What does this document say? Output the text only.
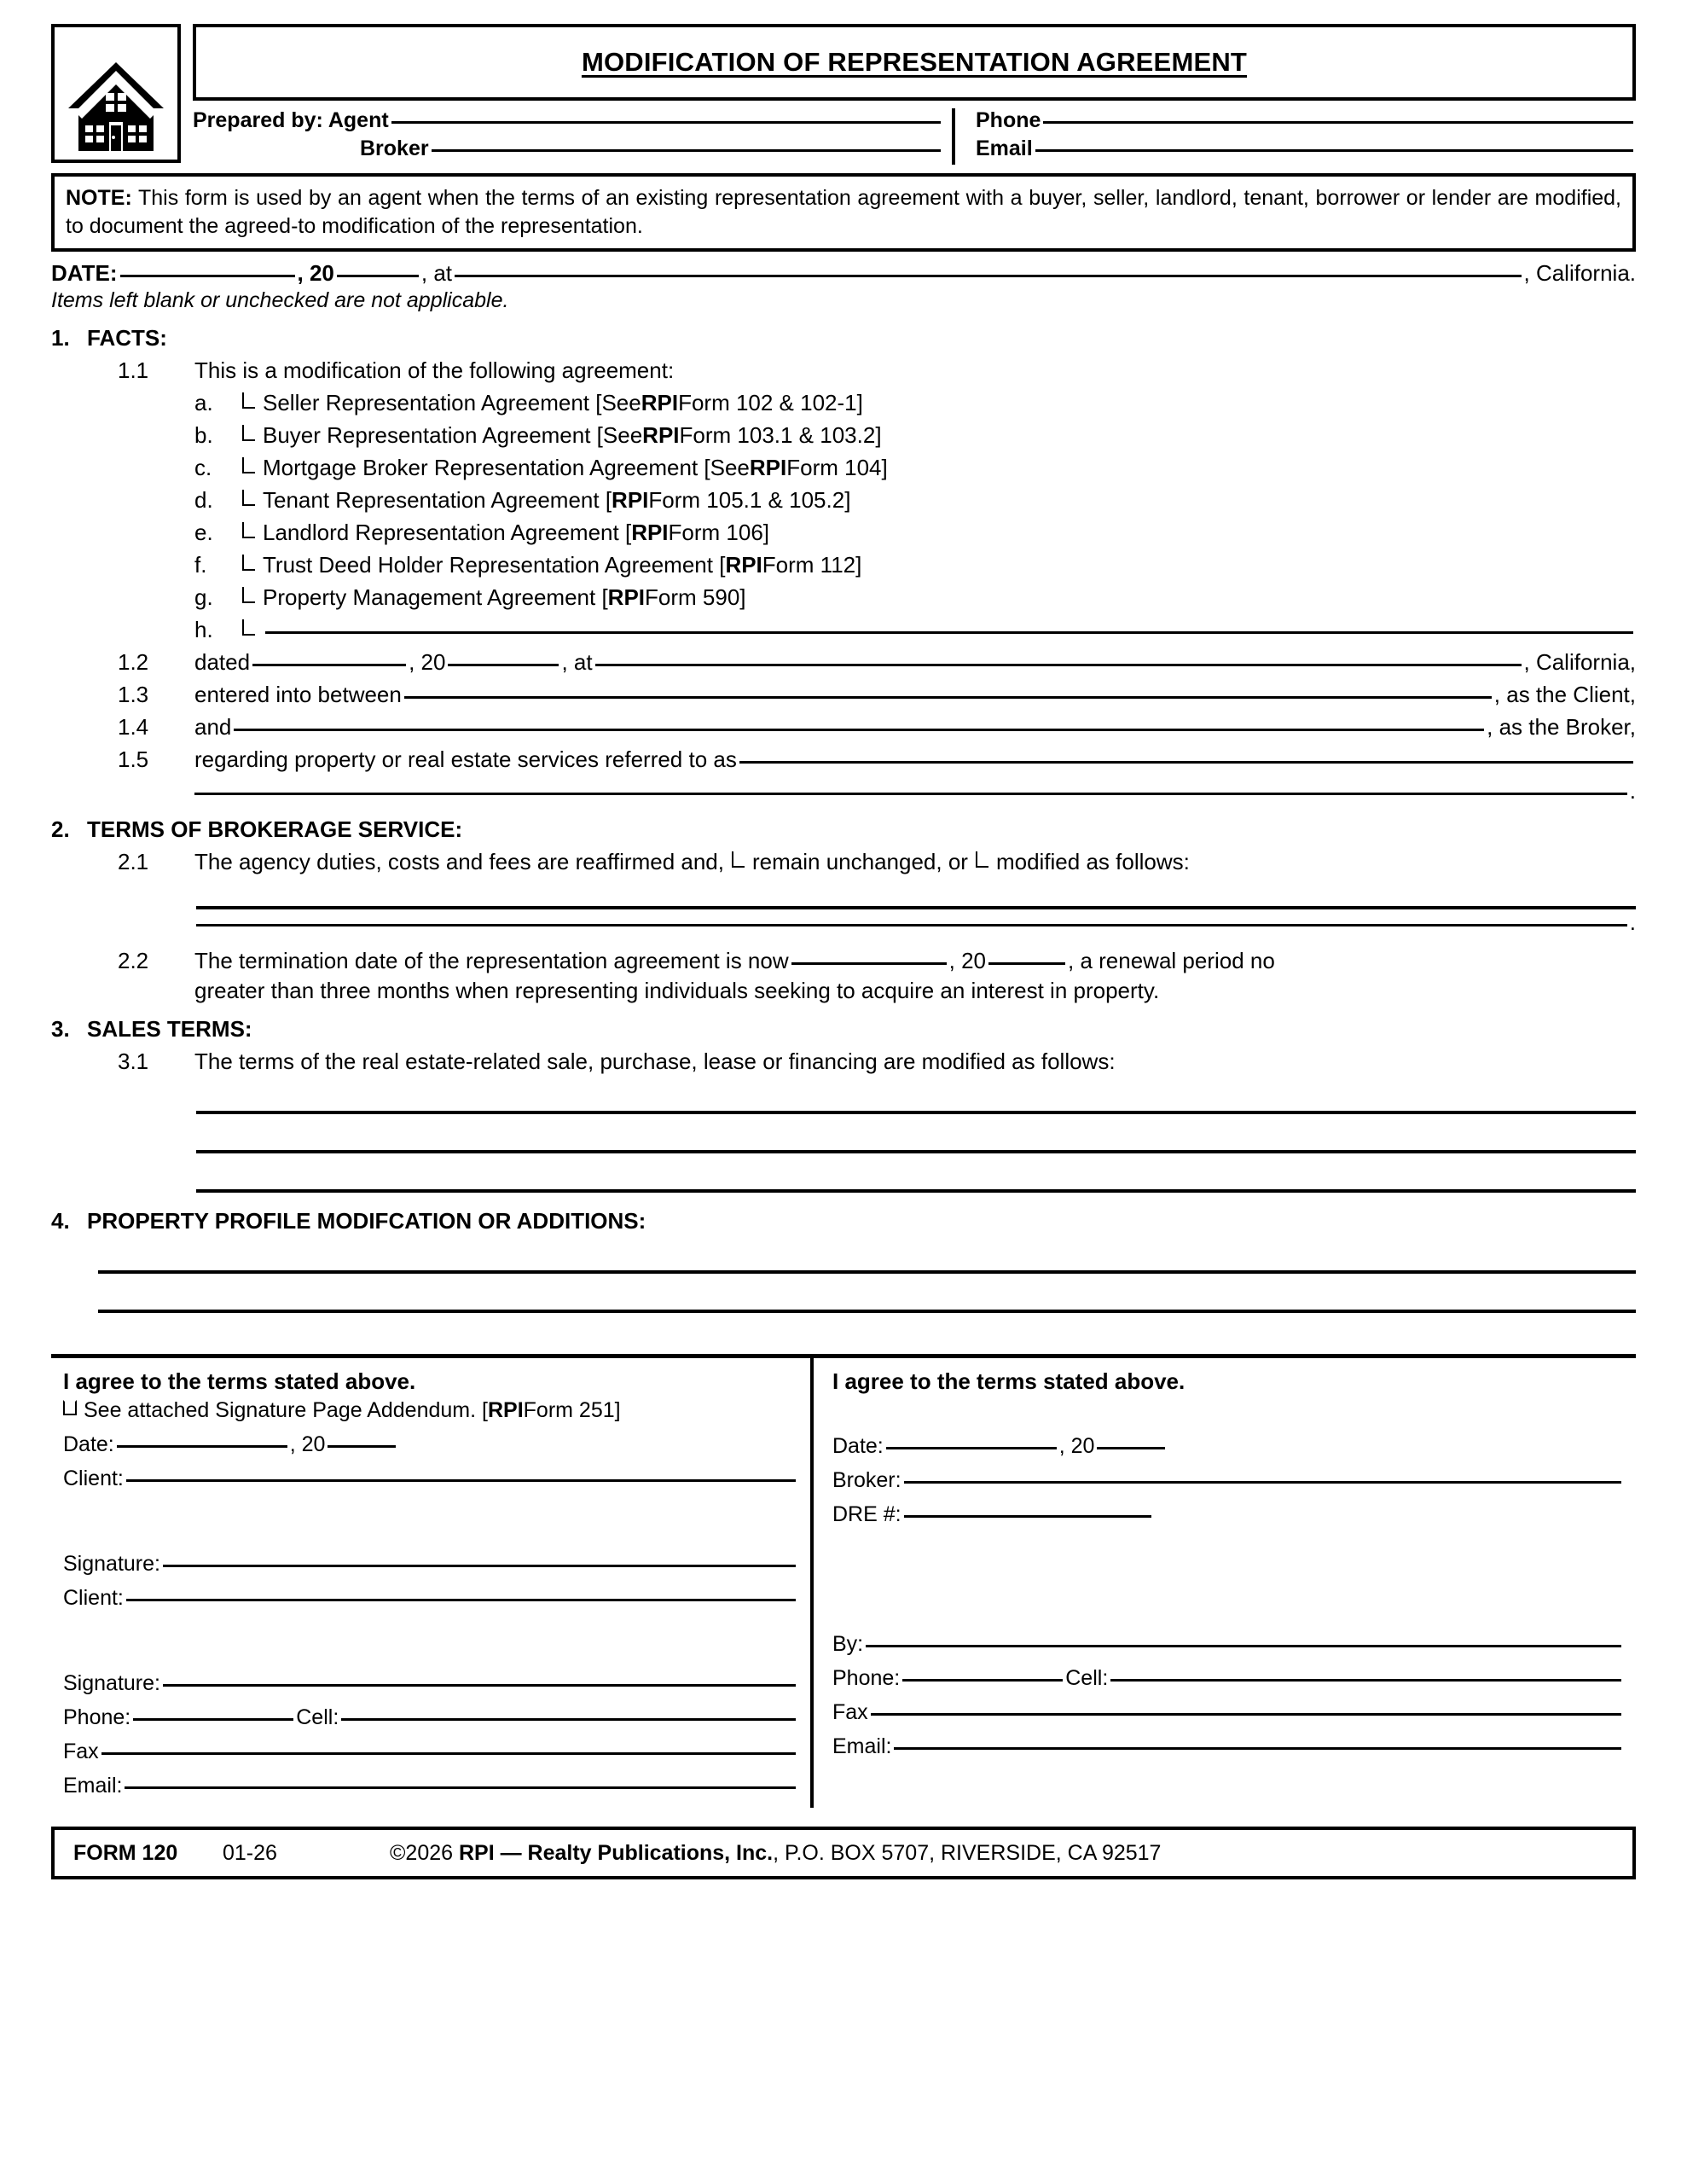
MODIFICATION OF REPRESENTATION AGREEMENT
Prepared by: Agent
Broker
Phone
Email
NOTE: This form is used by an agent when the terms of an existing representation agreement with a buyer, seller, landlord, tenant, borrower or lender are modified, to document the agreed-to modification of the representation.
DATE:	, 20	, at	, California.
Items left blank or unchecked are not applicable.
1. FACTS:
1.1	This is a modification of the following agreement:
a.	Seller Representation Agreement [See RPI Form 102 & 102-1]
b.	Buyer Representation Agreement [See RPI Form 103.1 & 103.2]
c.	Mortgage Broker Representation Agreement [See RPI Form 104]
d.	Tenant Representation Agreement [ RPI Form 105.1 & 105.2]
e.	Landlord Representation Agreement [ RPI Form 106]
f.	Trust Deed Holder Representation Agreement [ RPI Form 112]
g.	Property Management Agreement [ RPI Form 590]
h.
1.2	dated	, 20	, at	, California,
1.3	entered into between	, as the Client,
1.4	and	, as the Broker,
1.5	regarding property or real estate services referred to as
.
2. TERMS OF BROKERAGE SERVICE:
2.1	The agency duties, costs and fees are reaffirmed and, remain unchanged, or modified as follows:
.
2.2	The termination date of the representation agreement is now	, 20	, a renewal period no
greater than three months when representing individuals seeking to acquire an interest in property.
3. SALES TERMS:
3.1	The terms of the real estate-related sale, purchase, lease or financing are modified as follows:
4. PROPERTY PROFILE MODIFCATION OR ADDITIONS:
I agree to the terms stated above.
See attached Signature Page Addendum. [ RPI Form 251]
Date:	, 20
Client:
Signature:
Client:
Signature:
Phone:	Cell:
Fax
Email:
I agree to the terms stated above.
Date:	, 20
Broker:
DRE #:
By:
Phone:	Cell:
Fax
Email:
FORM 120	01-26	©2026 RPI — Realty Publications, Inc., P.O. BOX 5707, RIVERSIDE, CA 92517
